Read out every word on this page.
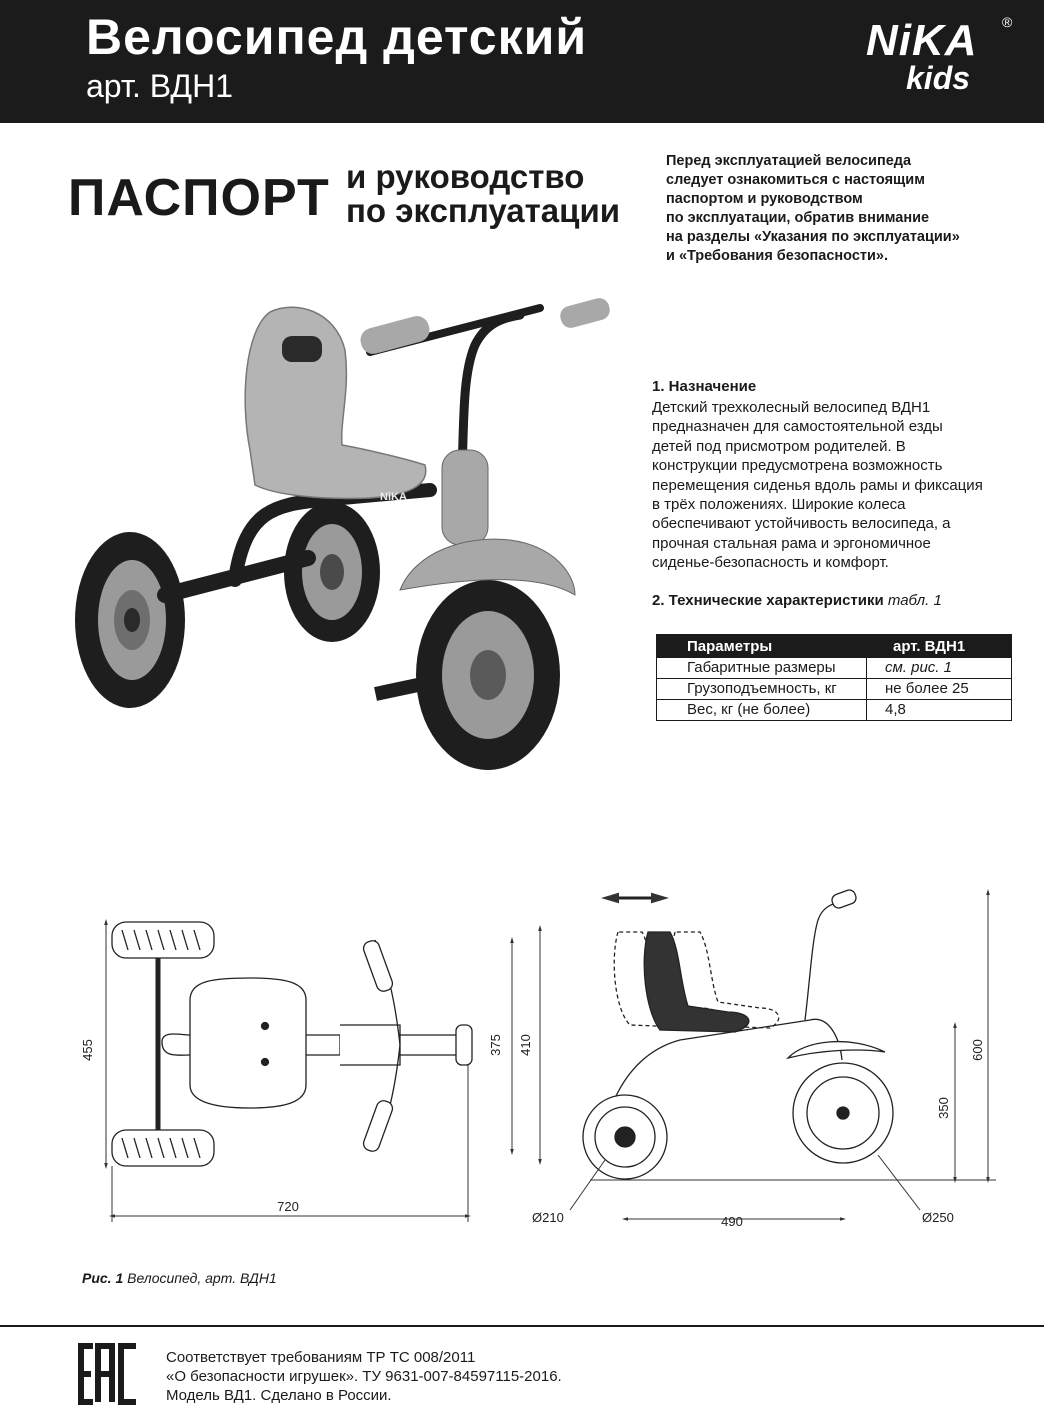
Велосипед детский
арт. ВДН1
NiKA
kids
®
ПАСПОРТ и руководство
по эксплуатации
Перед эксплуатацией велосипеда
следует ознакомиться с настоящим
паспортом и руководством
по эксплуатации, обратив внимание
на разделы «Указания по эксплуатации»
и «Требования безопасности».
NiKA
1. Назначение
Детский трехколесный велосипед ВДН1
предназначен для самостоятельной езды
детей под присмотром родителей. В
конструкции предусмотрена возможность
перемещения сиденья вдоль рамы и фиксация
в трёх положениях. Широкие колеса
обеспечивают устойчивость велосипеда, а
прочная стальная рама и эргономичное
сиденье-безопасность и комфорт.
2. Технические характеристики табл. 1
Параметры	арт. ВДН1
Габаритные размеры	см. рис. 1
Грузоподъемность, кг	не более 25
Вес, кг (не более)	4,8
455	375 410
720
600
350
490
Ø210	Ø250
Рис. 1 Велосипед, арт. ВДН1
Соответствует требованиям ТР ТС 008/2011
«О безопасности игрушек». ТУ 9631-007-84597115-2016.
Модель ВД1. Сделано в России.
